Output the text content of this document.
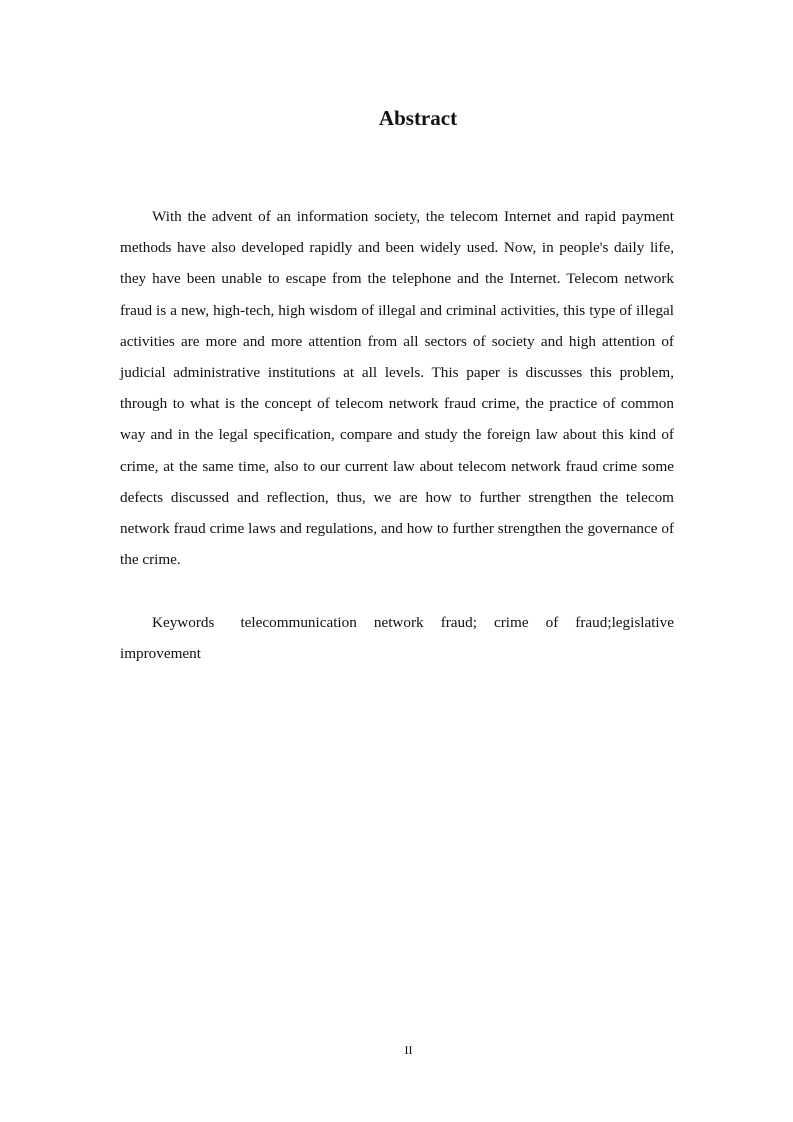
Abstract

With the advent of an information society, the telecom Internet and rapid payment methods have also developed rapidly and been widely used. Now, in people's daily life, they have been unable to escape from the telephone and the Internet. Telecom network fraud is a new, high-tech, high wisdom of illegal and criminal activities, this type of illegal activities are more and more attention from all sectors of society and high attention of judicial administrative institutions at all levels. This paper is discusses this problem, through to what is the concept of telecom network fraud crime, the practice of common way and in the legal specification, compare and study the foreign law about this kind of crime, at the same time, also to our current law about telecom network fraud crime some defects discussed and reflection, thus, we are how to further strengthen the telecom network fraud crime laws and regulations, and how to further strengthen the governance of the crime.

Keywords telecommunication network fraud; crime of fraud;legislative improvement

II
